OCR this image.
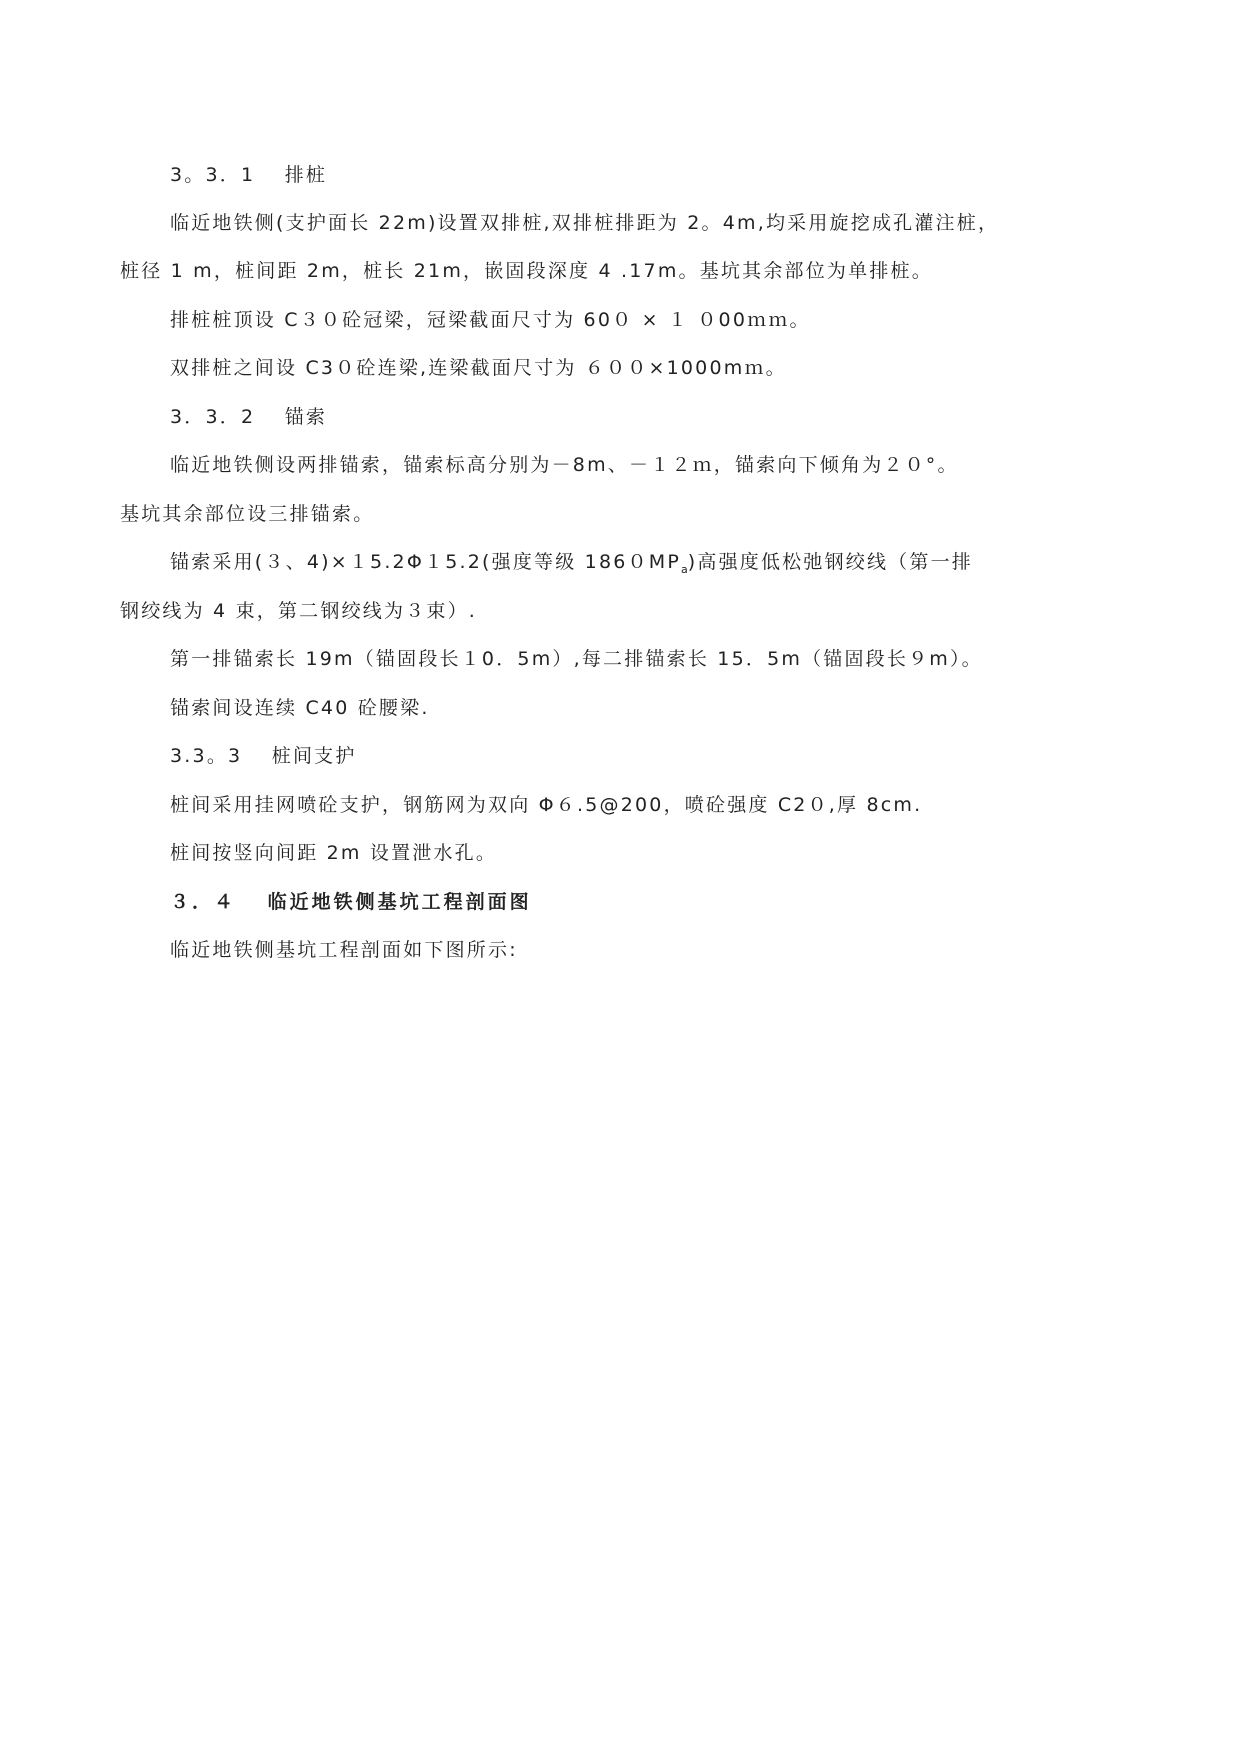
3。3．1　 排桩
临近地铁侧(支护面长 22m)设置双排桩,双排桩排距为 2。4m,均采用旋挖成孔灌注桩，
桩径 1 m，桩间距 2m，桩长 21m，嵌固段深度 4 .17m。基坑其余部位为单排桩。
排桩桩顶设 C３０砼冠梁，冠梁截面尺寸为 60０ × １ ０00ｍｍ。
双排桩之间设 C3０砼连梁,连梁截面尺寸为 ６００×1000mｍ。
3．3．2　 锚索
临近地铁侧设两排锚索，锚索标高分别为－8m、－１２ｍ，锚索向下倾角为２０°。
基坑其余部位设三排锚索。
锚索采用(３、4)×１5.2Φ１5.2(强度等级 $1860MP_a$)高强度低松弛钢绞线（第一排
钢绞线为 4 束，第二钢绞线为３束）.
第一排锚索长 19m（锚固段长１0．5m）,每二排锚索长 15．5m（锚固段长９m）。
锚索间设连续 C40 砼腰梁.
3.3。3　 桩间支护
桩间采用挂网喷砼支护，钢筋网为双向 Φ６.5@200，喷砼强度 C2０,厚 8cm.
桩间按竖向间距 2m 设置泄水孔。
３．４　 临近地铁侧基坑工程剖面图
临近地铁侧基坑工程剖面如下图所示:
